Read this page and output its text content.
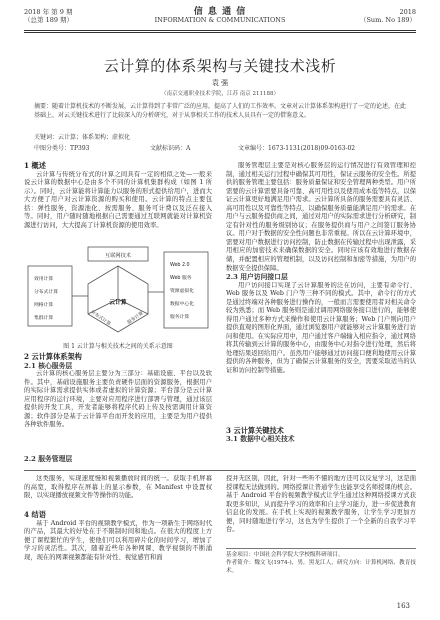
2018 年 第 9 期
（总第 189 期）
信 息 通 信
INFORMATION & COMMUNICATIONS
2018
（Sum. No 189）
云计算的体系架构与关键技术浅析
袁 强
（南京交通职业技术学院，江苏 南京 211188）
摘要：随着计算机技术的不断发展，云计算得到了非常广泛的应用，提高了人们的工作效率。文章对云计算体系架构进行了一定的论述，在此基础上，对云关键技术进行了比较深入的分析研究，对于从事相关工作的技术人员具有一定的借鉴意义。
关键词：云计算；体系架构；虚拟化
中图分类号：TP393	文献标识码：A	文章编号：1673-1131(2018)09-0163-02
1 概述
云计算与传统分布式的计算之间具有一定的相似之处—一般来说云计算的数据中心是由多个不同的计算机集群构成（如图 1 所示）。同时，云计算能将计算能力以服务的形式提供给用户，进而大大方便了用户对云计算资源的购买和使用。云计算的特点主要包括：弹性服务、资源池化、按需服务、服务可计费以及泛在接入等。同时，用户随时随地根据自己需要通过互联网就能对计算机资源进行访问，大大提高了计算机资源的使用效率。
互联网技术
云计算
分布式计算	服务计算
效用计算
分布式计算
网格计算
集群计算
Web 2.0
Web 服务
资源虚拟化
数据中心化
服务计算
图 1 云计算与相关技术之间的关系示意图
2 云计算体系架构
2.1 核心服务层
云计算的核心服务层主要分为三部分：基础设施、平台以及软件。其中，基础设施服务主要负责硬件层面的资源服务，根据用户的实际计算需求提供实体或者虚拟的计算资源；平台部分是云计算应用程序的运行环境，主要对应用程序进行部署与管理，通过该层提供的开发工具，开发者能够将程序代码上传及按需调用计算资源；软件部分是基于云计算平台而开发的应用，主要是为用户提供各种软件服务。
2.2 服务管理层
服务管理层主要是对核心服务层的运行情况进行有效管理和控制，通过相关运行过程中确保其可用性，保证云服务的安全性。所提供的服务管理主要包括：服务质量保证和安全管理两种类型。用户所需要的云计算需要具备可靠、高可用性以及使用成本低等特点，以保证云计算更好地满足用户需求。云计算所具备的服务需要具有灵活、高可用性以及可靠性等特点，以确保服务质量能满足用户的需求。在用户与云服务提供商之间，通过对用户的实际需求进行分析研究，制定有针对性的服务级别协议；在服务提供商与用户之间签订服务协议。用户对于数据的安全性问题也非常重视。所以在云计算环境中，需要对用户数据进行访问控制，防止数据在传输过程中出现泄露，采用相应的加密技术来确保数据的安全。同时应该有效地进行数据存储，并配置相应的管理机制，以及访问控制和加密等措施，为用户的数据安全提供保障。
2.3 用户访问接口层
用户访问接口实现了云计算服务的泛在访问，主要有命令行、Web 服务以及 Web 门户等三种不同的模式。其中，命令行的方式是通过终端对各种服务进行操作的，一般而言需要使用者对相关命令较为熟悉；而 Web 服务则是通过调用网络服务接口进行的，能够使得用户通过多种方式来操作和使用云计算服务；Web 门户则向用户提供直观的图形化界面，通过浏览器用户就能够对云计算服务进行访问和使用。在实际应用中，用户通过客户端输入相应指令，通过网络将其传输到云计算的服务中心，由服务中心对指令进行处理，然后将处理结果返回给用户。虽然用户能够通过访问接口便利地使用云计算提供的各种服务，但为了确保云计算服务的安全，需要采取适当的认证和访问控制等措施。
3 云计算关键技术
3.1 数据中心相关技术
这类服务，实现速度慢和视频播放时间的统一。获取手机屏幕的高宽，取得程序在屏幕上的显示参数，在 Manifest 中设置权限，以实现播放视频文件等操作的功能。
4 结语
基于 Android 平台的视频教学模式，作为一项新生于网络时代的产品，其最大的好处在于不限制时间和地点。在很大的程度上方便了课程繁忙的学生，使他们可以利用碎片化的时间学习，增加了学习的灵活性。其次，随着近些年各种网课、教学视频的不断涌现，现在的网课视频都能有针对性、视觉感官和面
授并无区别，因此，针对一些听不懂的地方还可以反复学习，这是面授课程无法做到的。网络授课让普通学生也能享受名师授课的机会。基于 Android 平台的视频教学模式让学生通过这种网络授课方式获取更多知识，从而提升学习的效率和自主学习能力，进一步促进教育信息化的发展。在手机上实现的视频教学服务，让学生学习更加方便，同时随地进行学习，这也为学生提供了一个全新的自我学习平台。
基金项目：中国社会科学院大学校级科研项目。
作者简介：魏文飞(1974-)，男，黑龙江人，研究方向：计算机网络、教育技术。
163
